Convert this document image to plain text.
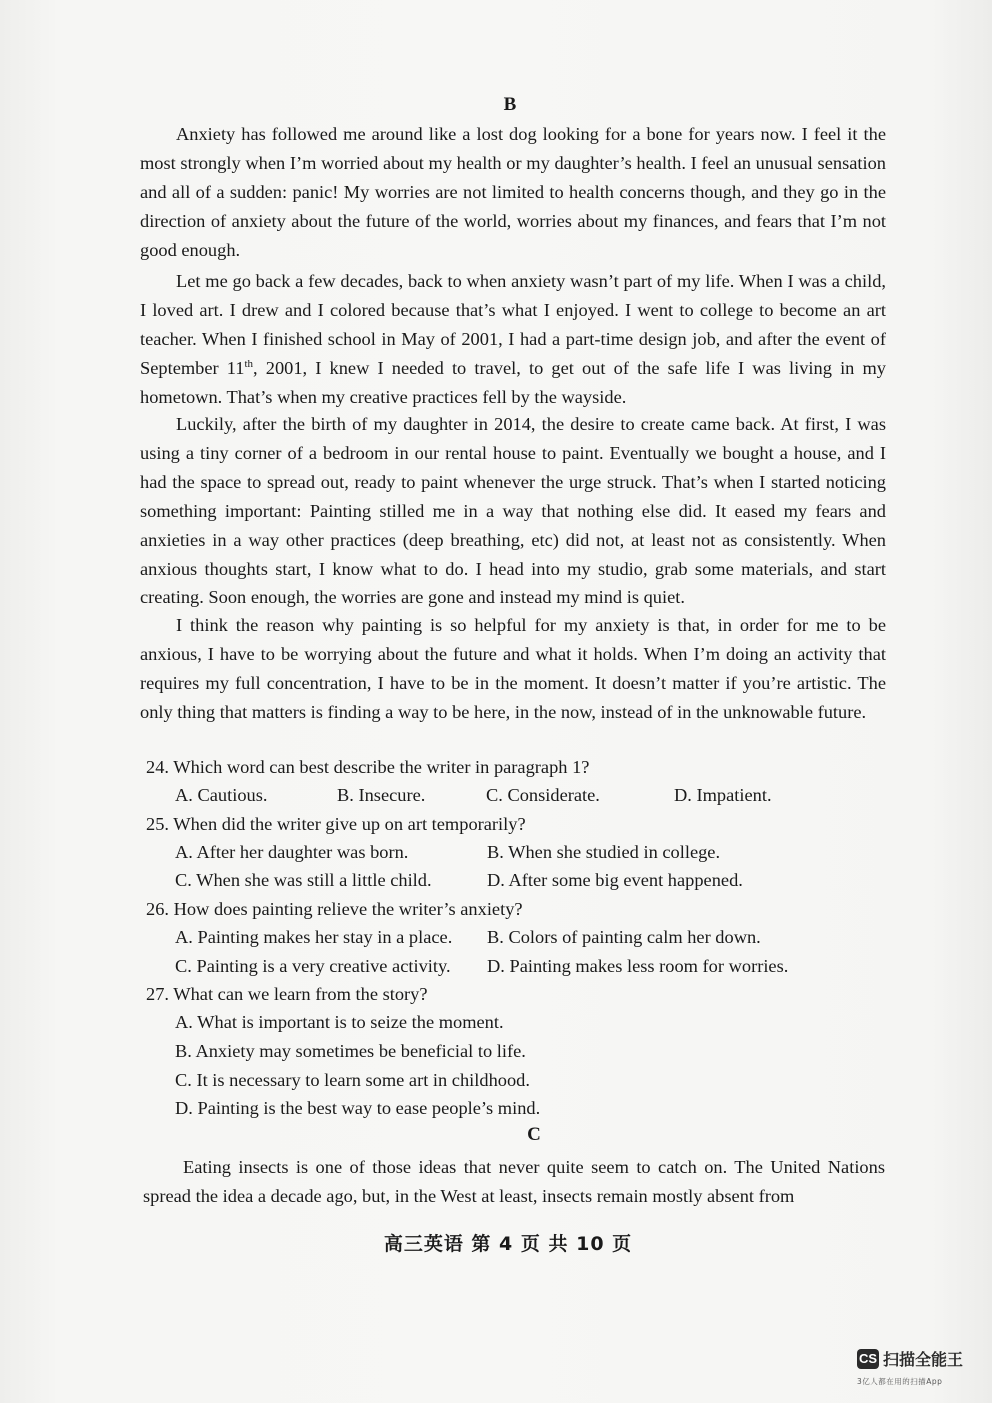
B

Anxiety has followed me around like a lost dog looking for a bone for years now. I feel it the most strongly when I’m worried about my health or my daughter’s health. I feel an unusual sensation and all of a sudden: panic! My worries are not limited to health concerns though, and they go in the direction of anxiety about the future of the world, worries about my finances, and fears that I’m not good enough.

Let me go back a few decades, back to when anxiety wasn’t part of my life. When I was a child, I loved art. I drew and I colored because that’s what I enjoyed. I went to college to become an art teacher. When I finished school in May of 2001, I had a part-time design job, and after the event of September 11th, 2001, I knew I needed to travel, to get out of the safe life I was living in my hometown. That’s when my creative practices fell by the wayside.

Luckily, after the birth of my daughter in 2014, the desire to create came back. At first, I was using a tiny corner of a bedroom in our rental house to paint. Eventually we bought a house, and I had the space to spread out, ready to paint whenever the urge struck. That’s when I started noticing something important: Painting stilled me in a way that nothing else did. It eased my fears and anxieties in a way other practices (deep breathing, etc) did not, at least not as consistently. When anxious thoughts start, I know what to do. I head into my studio, grab some materials, and start creating. Soon enough, the worries are gone and instead my mind is quiet.

I think the reason why painting is so helpful for my anxiety is that, in order for me to be anxious, I have to be worrying about the future and what it holds. When I’m doing an activity that requires my full concentration, I have to be in the moment. It doesn’t matter if you’re artistic. The only thing that matters is finding a way to be here, in the now, instead of in the unknowable future.

24. Which word can best describe the writer in paragraph 1?
A. Cautious.	B. Insecure.	C. Considerate.	D. Impatient.
25. When did the writer give up on art temporarily?
A. After her daughter was born.	B. When she studied in college.
C. When she was still a little child.	D. After some big event happened.
26. How does painting relieve the writer’s anxiety?
A. Painting makes her stay in a place. B. Colors of painting calm her down.
C. Painting is a very creative activity. D. Painting makes less room for worries.
27. What can we learn from the story?
A. What is important is to seize the moment.
B. Anxiety may sometimes be beneficial to life.
C. It is necessary to learn some art in childhood.
D. Painting is the best way to ease people’s mind.
C

Eating insects is one of those ideas that never quite seem to catch on. The United Nations spread the idea a decade ago, but, in the West at least, insects remain mostly absent from

高三英语 第 4 页 共 10 页
CS 扫描全能王
3亿人都在用的扫描App
